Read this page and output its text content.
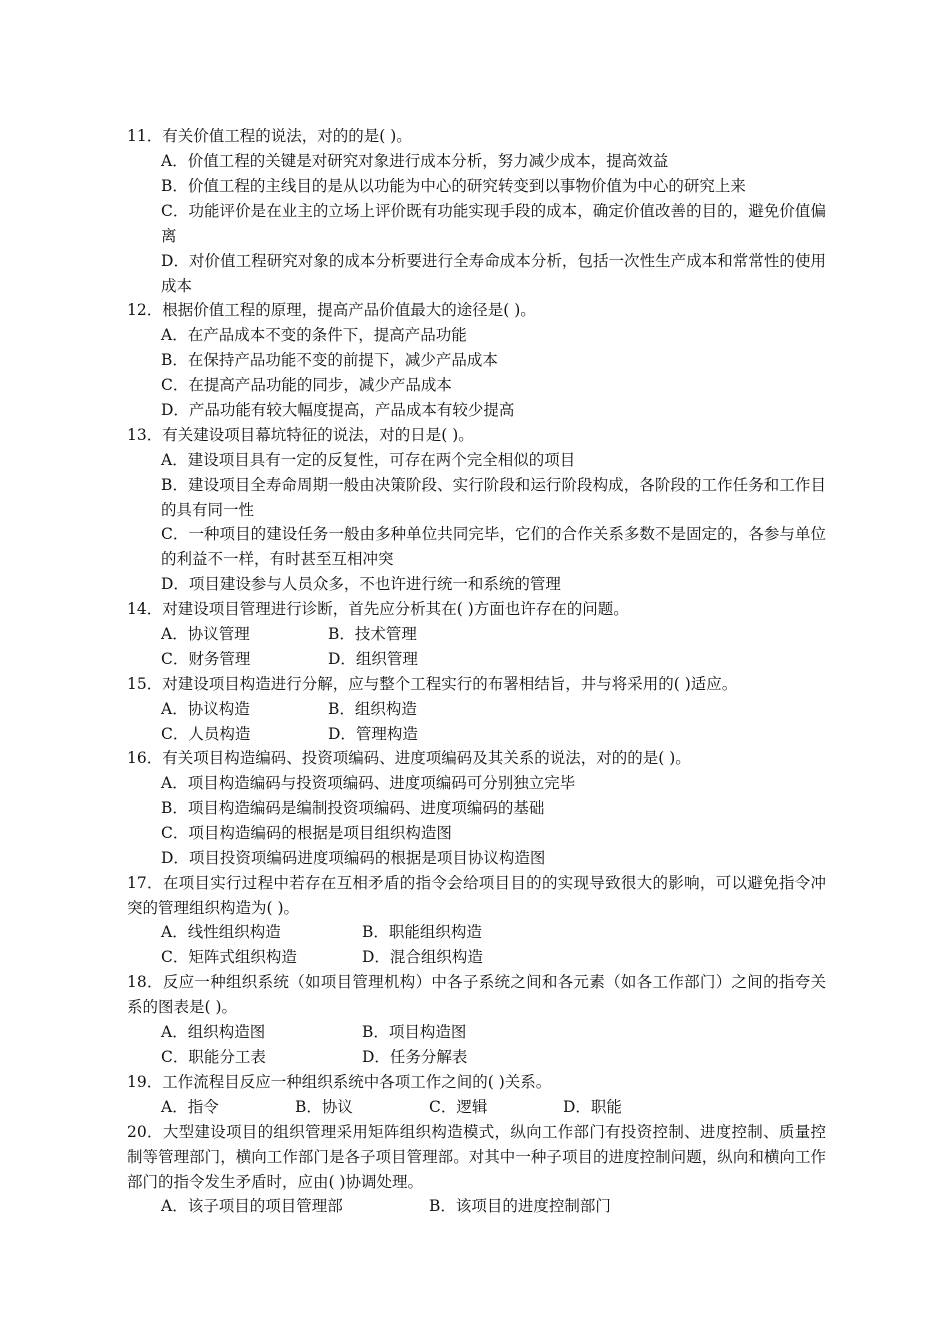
11．有关价值工程的说法，对的的是( )。
A．价值工程的关键是对研究对象进行成本分析，努力减少成本，提高效益
B．价值工程的主线目的是从以功能为中心的研究转变到以事物价值为中心的研究上来
C．功能评价是在业主的立场上评价既有功能实现手段的成本，确定价值改善的目的，避免价值偏离
D．对价值工程研究对象的成本分析要进行全寿命成本分析，包括一次性生产成本和常常性的使用成本
12．根据价值工程的原理，提高产品价值最大的途径是( )。
A．在产品成本不变的条件下，提高产品功能
B．在保持产品功能不变的前提下，减少产品成本
C．在提高产品功能的同步，减少产品成本
D．产品功能有较大幅度提高，产品成本有较少提高
13．有关建设项目幕坑特征的说法，对的日是( )。
A．建设项目具有一定的反复性，可存在两个完全相似的项目
B．建设项目全寿命周期一般由决策阶段、实行阶段和运行阶段构成，各阶段的工作任务和工作目的具有同一性
C．一种项目的建设任务一般由多种单位共同完毕，它们的合作关系多数不是固定的，各参与单位的利益不一样，有时甚至互相冲突
D．项目建设参与人员众多，不也许进行统一和系统的管理
14．对建设项目管理进行诊断，首先应分析其在( )方面也许存在的问题。
A．协议管理	B．技术管理
C．财务管理	D．组织管理
15．对建设项目构造进行分解，应与整个工程实行的布署相结旨，井与将采用的( )适应。
A．协议构造	B．组织构造
C．人员构造	D．管理构造
16．有关项目构造编码、投资项编码、进度项编码及其关系的说法，对的的是( )。
A．项目构造编码与投资项编码、进度项编码可分别独立完毕
B．项目构造编码是编制投资项编码、进度项编码的基础
C．项目构造编码的根据是项目组织构造图
D．项目投资项编码进度项编码的根据是项目协议构造图
17．在项目实行过程中若存在互相矛盾的指令会给项目目的的实现导致很大的影响，可以避免指令冲突的管理组织构造为( )。
A．线性组织构造	B．职能组织构造
C．矩阵式组织构造	D．混合组织构造
18．反应一种组织系统（如项目管理机构）中各子系统之间和各元素（如各工作部门）之间的指夸关系的图表是( )。
A．组织构造图	B．项目构造图
C．职能分工表	D．任务分解表
19．工作流程目反应一种组织系统中各项工作之间的( )关系。
A．指令	B．协议	C．逻辑	D．职能
20．大型建设项目的组织管理采用矩阵组织构造模式，纵向工作部门有投资控制、进度控制、质量控制等管理部门，横向工作部门是各子项目管理部。对其中一种子项目的进度控制问题，纵向和横向工作部门的指令发生矛盾时，应由( )协调处理。
A．该子项目的项目管理部	B．该项目的进度控制部门
